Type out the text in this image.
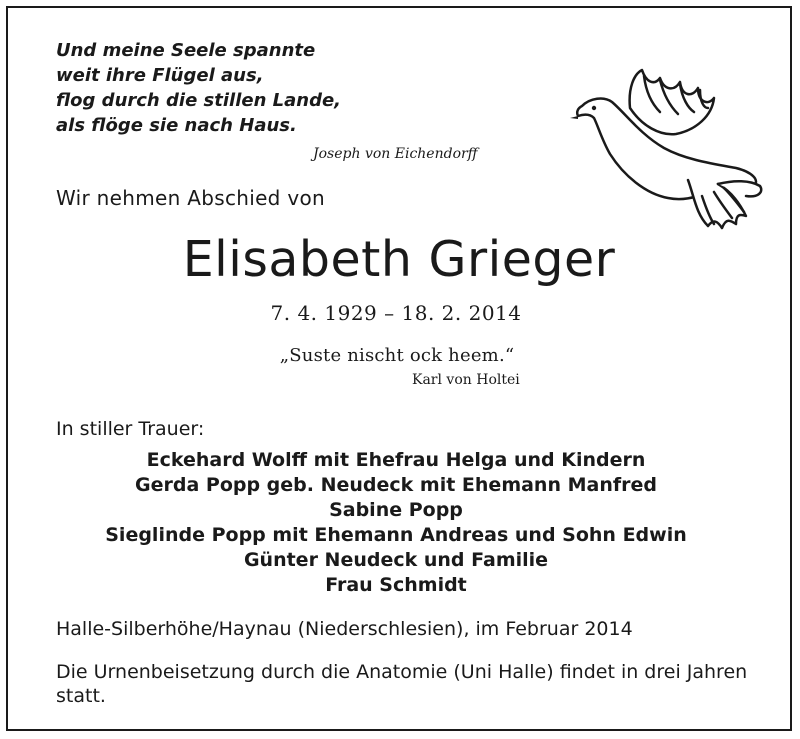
Und meine Seele spannte
weit ihre Flügel aus,
flog durch die stillen Lande,
als flöge sie nach Haus.
Joseph von Eichendorff
Wir nehmen Abschied von
Elisabeth Grieger
7. 4. 1929 – 18. 2. 2014
„Suste nischt ock heem.“
Karl von Holtei
In stiller Trauer:
Eckehard Wolff mit Ehefrau Helga und Kindern
Gerda Popp geb. Neudeck mit Ehemann Manfred
Sabine Popp
Sieglinde Popp mit Ehemann Andreas und Sohn Edwin
Günter Neudeck und Familie
Frau Schmidt
Halle-Silberhöhe/Haynau (Niederschlesien), im Februar 2014
Die Urnenbeisetzung durch die Anatomie (Uni Halle) findet in drei Jahren statt.
